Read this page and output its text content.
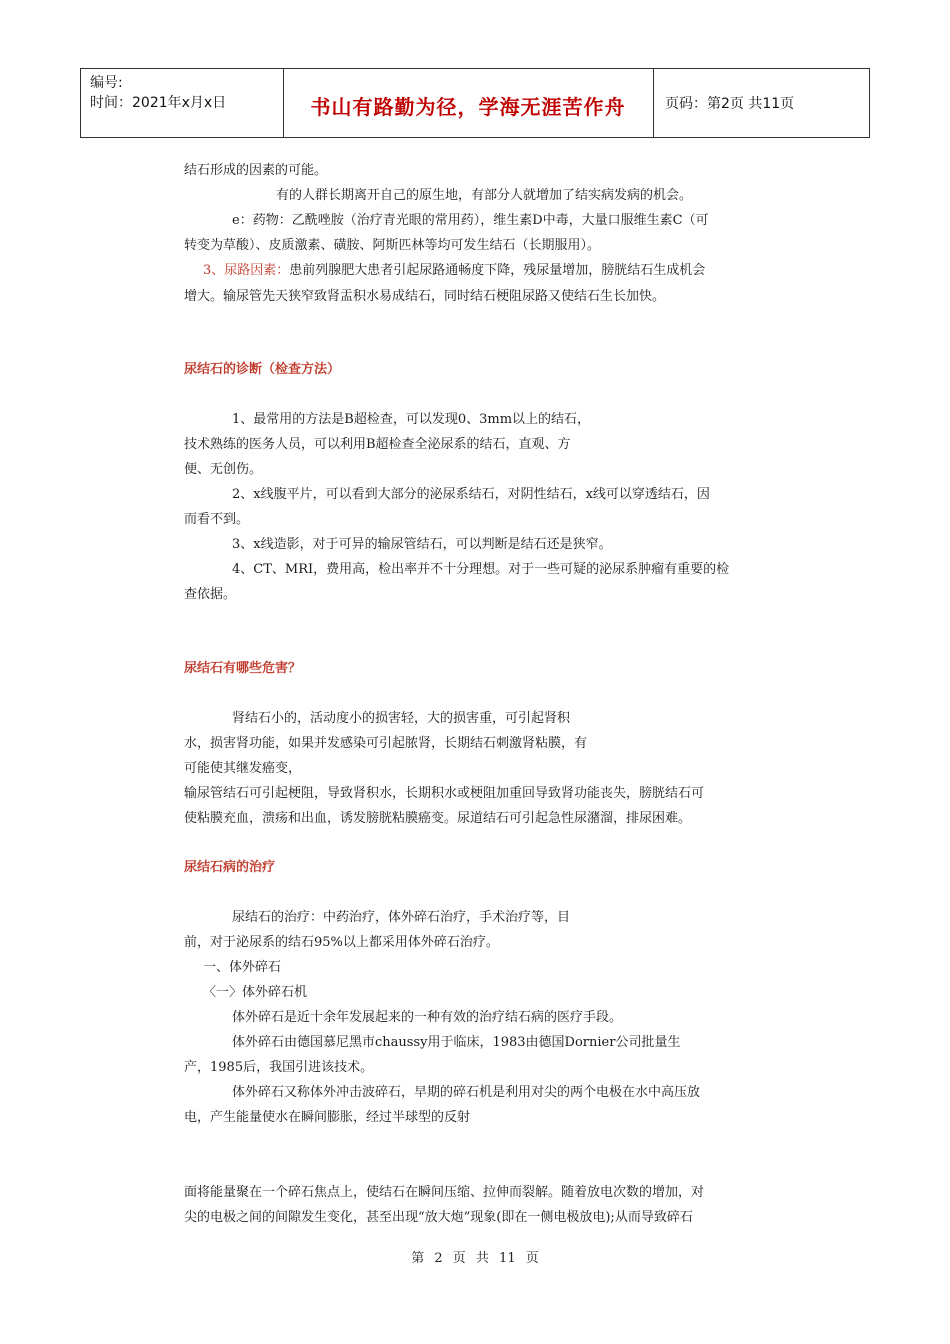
编号:
时间：2021年x月x日	书山有路勤为径，学海无涯苦作舟	页码：第2页 共11页
结石形成的因素的可能。
有的人群长期离开自己的原生地，有部分人就增加了结实病发病的机会。
e：药物：乙酰唑胺（治疗青光眼的常用药），维生素D中毒，大量口服维生素C（可
转变为草酸）、皮质激素、磺胺、阿斯匹林等均可发生结石（长期服用）。
3、尿路因素：患前列腺肥大患者引起尿路通畅度下降，残尿量增加，膀胱结石生成机会
增大。输尿管先天狭窄致肾盂积水易成结石，同时结石梗阻尿路又使结石生长加快。
尿结石的诊断（检查方法）
1、最常用的方法是B超检查，可以发现0、3mm以上的结石，
技术熟练的医务人员，可以利用B超检查全泌尿系的结石，直观、方
便、无创伤。
2、x线腹平片，可以看到大部分的泌尿系结石，对阴性结石，x线可以穿透结石，因
而看不到。
3、x线造影，对于可异的输尿管结石，可以判断是结石还是狭窄。
4、CT、MRI，费用高，检出率并不十分理想。对于一些可疑的泌尿系肿瘤有重要的检
查依据。
尿结石有哪些危害？
肾结石小的，活动度小的损害轻，大的损害重，可引起肾积
水，损害肾功能，如果并发感染可引起脓肾，长期结石刺激肾粘膜，有
可能使其继发癌变，
输尿管结石可引起梗阻，导致肾积水，长期积水或梗阻加重回导致肾功能丧失，膀胱结石可
使粘膜充血，溃疡和出血，诱发膀胱粘膜癌变。尿道结石可引起急性尿潴溜，排尿困难。
尿结石病的治疗
尿结石的治疗：中药治疗，体外碎石治疗，手术治疗等，目
前，对于泌尿系的结石95%以上都采用体外碎石治疗。
一、体外碎石
〈一〉体外碎石机
体外碎石是近十余年发展起来的一种有效的治疗结石病的医疗手段。
体外碎石由德国慕尼黑市chaussy用于临床，1983由德国Dornier公司批量生
产，1985后，我国引进该技术。
体外碎石又称体外冲击波碎石，早期的碎石机是利用对尖的两个电极在水中高压放
电，产生能量使水在瞬间膨胀，经过半球型的反射
面将能量聚在一个碎石焦点上，使结石在瞬间压缩、拉伸而裂解。随着放电次数的增加，对
尖的电极之间的间隙发生变化，甚至出现“放大炮”现象(即在一侧电极放电);从而导致碎石
第 2 页 共 11 页
